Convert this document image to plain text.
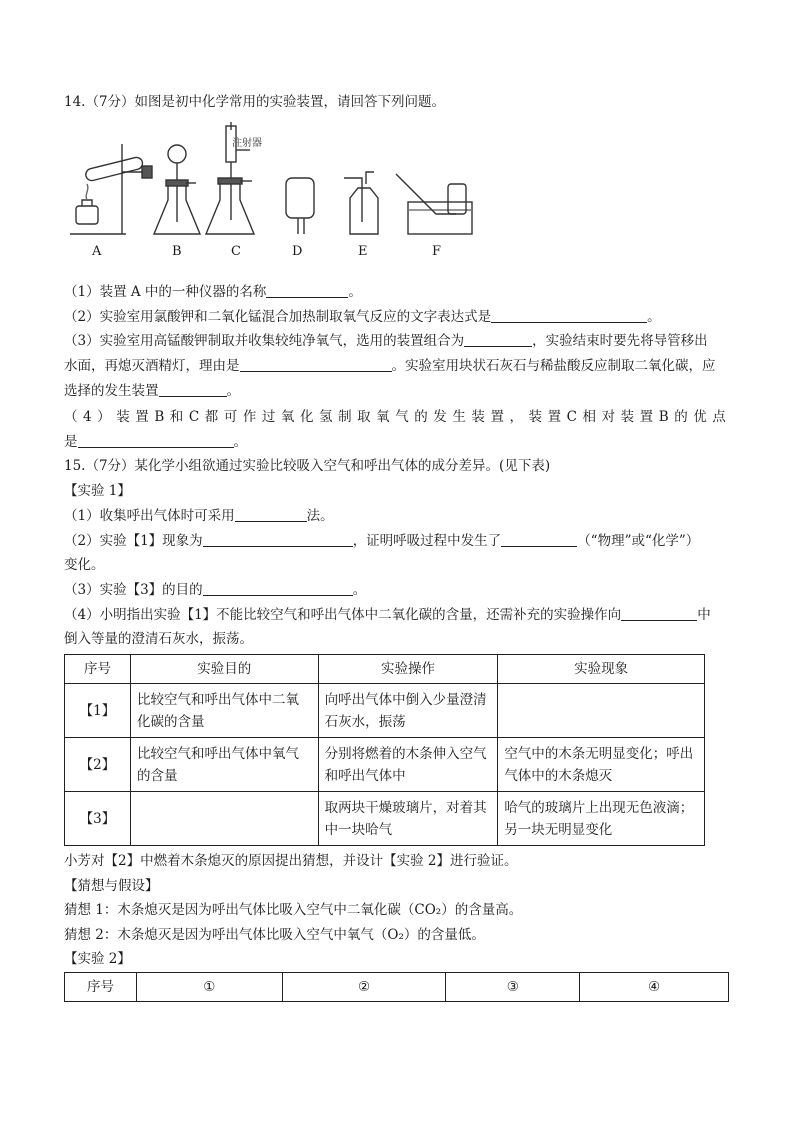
14.（7分）如图是初中化学常用的实验装置，请回答下列问题。
注射器
A	B	C	D	E	F
（1）装置 A 中的一种仪器的名称	。
（2）实验室用氯酸钾和二氧化锰混合加热制取氧气反应的文字表达式是	。
（3）实验室用高锰酸钾制取并收集较纯净氧气，选用的装置组合为	，实验结束时要先将导管移出
水面，再熄灭酒精灯，理由是	。实验室用块状石灰石与稀盐酸反应制取二氧化碳，应
选择的发生装置	。
（4）装置B和C都可作过氧化氢制取氧气的发生装置，装置C相对装置B的优点
是	。
15.（7分）某化学小组欲通过实验比较吸入空气和呼出气体的成分差异。(见下表)
【实验 1】
（1）收集呼出气体时可采用	法。
（2）实验【1】现象为	，证明呼吸过程中发生了	（“物理”或“化学”）
变化。
（3）实验【3】的目的	。
（4）小明指出实验【1】不能比较空气和呼出气体中二氧化碳的含量，还需补充的实验操作向	中
倒入等量的澄清石灰水，振荡。
序号	实验目的	实验操作	实验现象
【1】	比较空气和呼出气体中二氧化碳的含量	向呼出气体中倒入少量澄清石灰水，振荡	
【2】	比较空气和呼出气体中氧气的含量	分别将燃着的木条伸入空气和呼出气体中	空气中的木条无明显变化；呼出气体中的木条熄灭
【3】		取两块干燥玻璃片，对着其中一块哈气	哈气的玻璃片上出现无色液滴；另一块无明显变化
小芳对【2】中燃着木条熄灭的原因提出猜想，并设计【实验 2】进行验证。
【猜想与假设】
猜想 1：木条熄灭是因为呼出气体比吸入空气中二氧化碳（CO₂）的含量高。
猜想 2：木条熄灭是因为呼出气体比吸入空气中氧气（O₂）的含量低。
【实验 2】
序号	①	②	③	④
